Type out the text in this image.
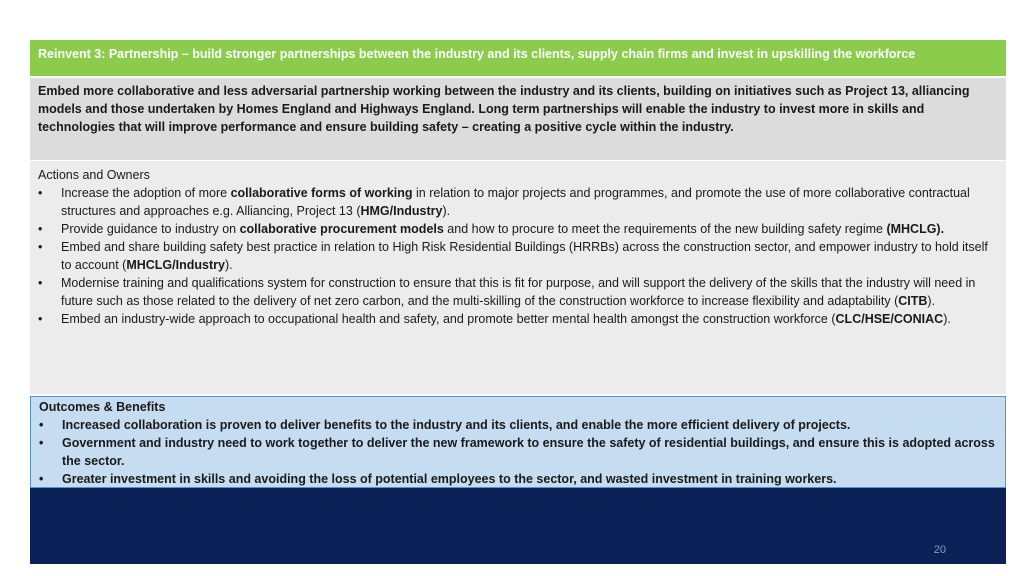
20
Reinvent 3: Partnership – build stronger partnerships between the industry and its clients, supply chain firms and invest in upskilling the workforce
Embed more collaborative and less adversarial partnership working between the industry and its clients, building on initiatives such as Project 13, alliancing models and those undertaken by Homes England and Highways England. Long term partnerships will enable the industry to invest more in skills and technologies that will improve performance and ensure building safety – creating a positive cycle within the industry.
Actions and Owners
• Increase the adoption of more collaborative forms of working in relation to major projects and programmes, and promote the use of more collaborative contractual structures and approaches e.g. Alliancing, Project 13 (HMG/Industry).
• Provide guidance to industry on collaborative procurement models and how to procure to meet the requirements of the new building safety regime (MHCLG).
• Embed and share building safety best practice in relation to High Risk Residential Buildings (HRRBs) across the construction sector, and empower industry to hold itself to account (MHCLG/Industry).
• Modernise training and qualifications system for construction to ensure that this is fit for purpose, and will support the delivery of the skills that the industry will need in future such as those related to the delivery of net zero carbon, and the multi-skilling of the construction workforce to increase flexibility and adaptability (CITB).
• Embed an industry-wide approach to occupational health and safety, and promote better mental health amongst the construction workforce (CLC/HSE/CONIAC).
Outcomes & Benefits
• Increased collaboration is proven to deliver benefits to the industry and its clients, and enable the more efficient delivery of projects.
• Government and industry need to work together to deliver the new framework to ensure the safety of residential buildings, and ensure this is adopted across the sector.
• Greater investment in skills and avoiding the loss of potential employees to the sector, and wasted investment in training workers.
